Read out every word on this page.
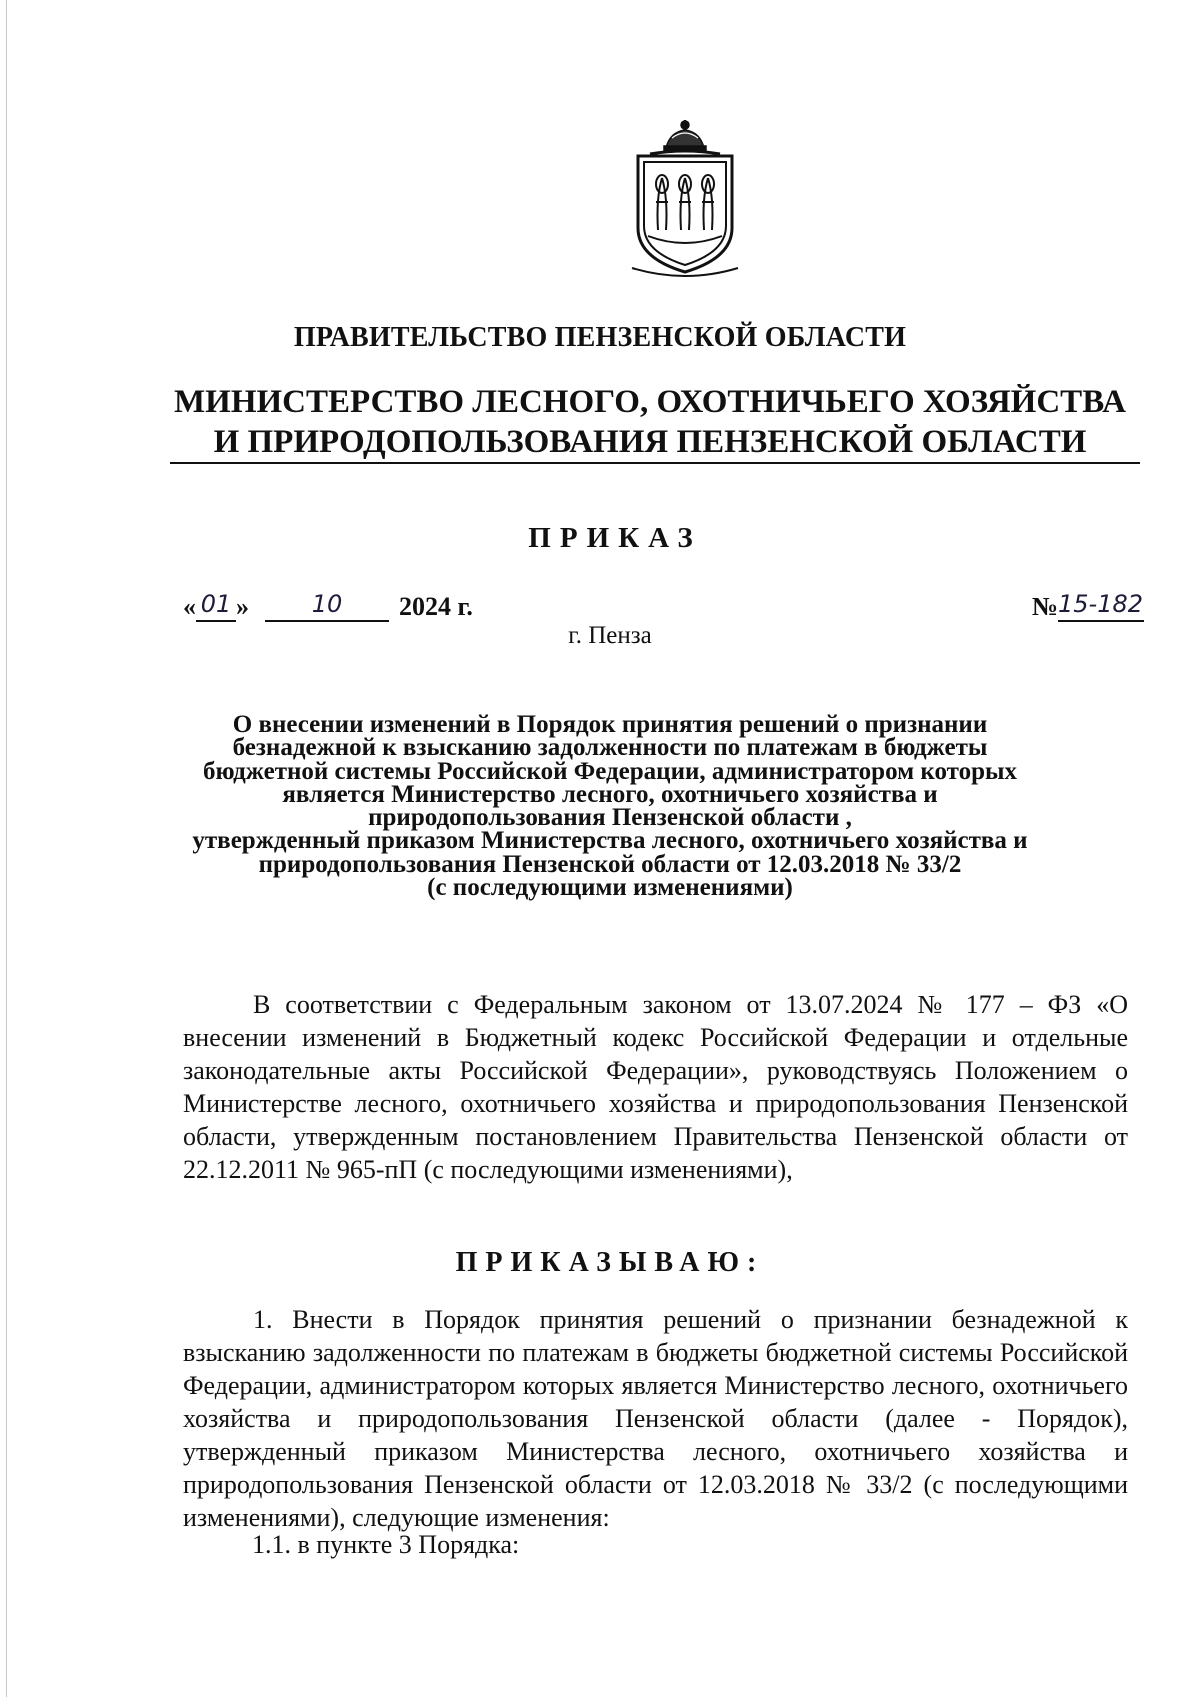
ПРАВИТЕЛЬСТВО ПЕНЗЕНСКОЙ ОБЛАСТИ
МИНИСТЕРСТВО ЛЕСНОГО, ОХОТНИЧЬЕГО ХОЗЯЙСТВА
И ПРИРОДОПОЛЬЗОВАНИЯ ПЕНЗЕНСКОЙ ОБЛАСТИ
ПРИКАЗ
« 01 »	10 2024 г.	№15-182
г. Пенза
О внесении изменений в Порядок принятия решений о признании
безнадежной к взысканию задолженности по платежам в бюджеты
бюджетной системы Российской Федерации, администратором которых
является Министерство лесного, охотничьего хозяйства и
природопользования Пензенской области ,
утвержденный приказом Министерства лесного, охотничьего хозяйства и
природопользования Пензенской области от 12.03.2018 № 33/2
(с последующими изменениями)
В соответствии с Федеральным законом от 13.07.2024 № 177 – ФЗ «О внесении изменений в Бюджетный кодекс Российской Федерации и отдельные законодательные акты Российской Федерации», руководствуясь Положением о Министерстве лесного, охотничьего хозяйства и природопользования Пензенской области, утвержденным постановлением Правительства Пензенской области от 22.12.2011 № 965-пП (с последующими изменениями),
ПРИКАЗЫВАЮ:
1. Внести в Порядок принятия решений о признании безнадежной к взысканию задолженности по платежам в бюджеты бюджетной системы Российской Федерации, администратором которых является Министерство лесного, охотничьего хозяйства и природопользования Пензенской области (далее - Порядок), утвержденный приказом Министерства лесного, охотничьего хозяйства и природопользования Пензенской области от 12.03.2018 № 33/2 (с последующими изменениями), следующие изменения:
1.1. в пункте 3 Порядка:
